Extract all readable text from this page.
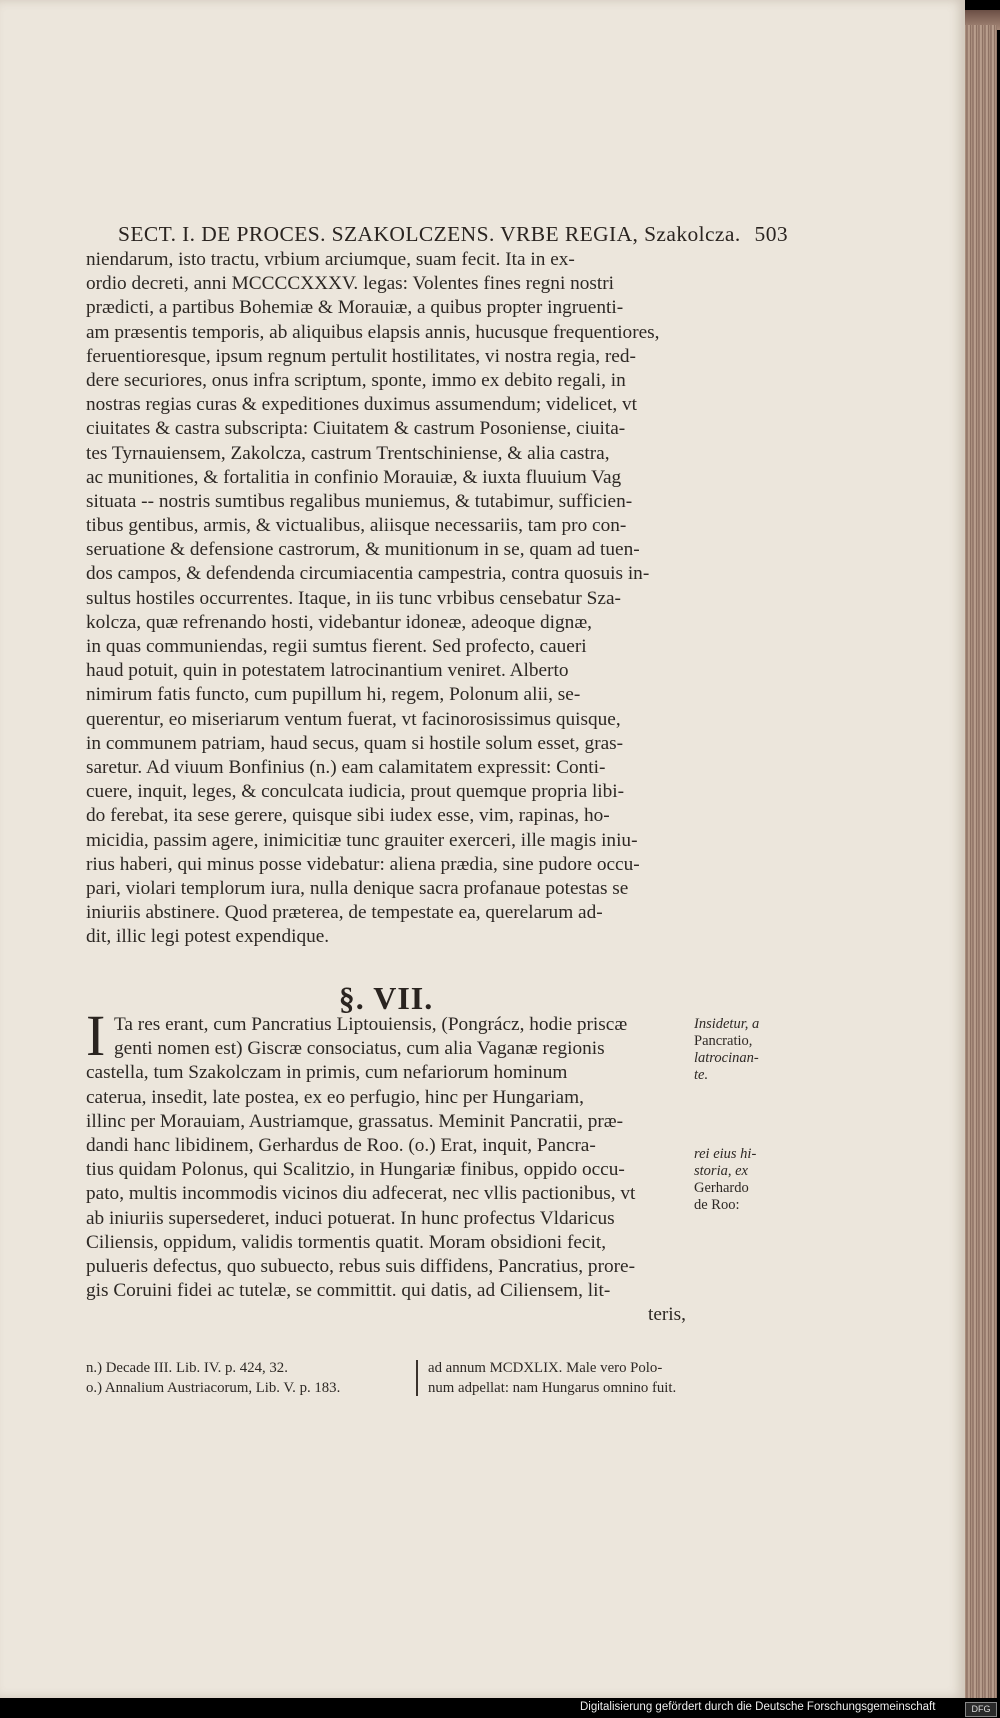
SECT. I. DE PROCES. SZAKOLCZENS. VRBE REGIA, Szakolcza. 503
niendarum, isto tractu, vrbium arciumque, suam fecit. Ita in ex-
ordio decreti, anni MCCCCXXXV. legas: Volentes fines regni nostri
prædicti, a partibus Bohemiæ & Morauiæ, a quibus propter ingruenti-
am præsentis temporis, ab aliquibus elapsis annis, hucusque frequentiores,
feruentioresque, ipsum regnum pertulit hostilitates, vi nostra regia, red-
dere securiores, onus infra scriptum, sponte, immo ex debito regali, in
nostras regias curas & expeditiones duximus assumendum; videlicet, vt
ciuitates & castra subscripta: Ciuitatem & castrum Posoniense, ciuita-
tes Tyrnauiensem, Zakolcza, castrum Trentschiniense, & alia castra,
ac munitiones, & fortalitia in confinio Morauiæ, & iuxta fluuium Vag
situata -- nostris sumtibus regalibus muniemus, & tutabimur, sufficien-
tibus gentibus, armis, & victualibus, aliisque necessariis, tam pro con-
seruatione & defensione castrorum, & munitionum in se, quam ad tuen-
dos campos, & defendenda circumiacentia campestria, contra quosuis in-
sultus hostiles occurrentes. Itaque, in iis tunc vrbibus censebatur Sza-
kolcza, quæ refrenando hosti, videbantur idoneæ, adeoque dignæ,
in quas communiendas, regii sumtus fierent. Sed profecto, caueri
haud potuit, quin in potestatem latrocinantium veniret. Alberto
nimirum fatis functo, cum pupillum hi, regem, Polonum alii, se-
querentur, eo miseriarum ventum fuerat, vt facinorosissimus quisque,
in communem patriam, haud secus, quam si hostile solum esset, gras-
saretur. Ad viuum Bonfinius (n.) eam calamitatem expressit: Conti-
cuere, inquit, leges, & conculcata iudicia, prout quemque propria libi-
do ferebat, ita sese gerere, quisque sibi iudex esse, vim, rapinas, ho-
micidia, passim agere, inimicitiæ tunc grauiter exerceri, ille magis iniu-
rius haberi, qui minus posse videbatur: aliena prædia, sine pudore occu-
pari, violari templorum iura, nulla denique sacra profanaue potestas se
iniuriis abstinere. Quod præterea, de tempestate ea, querelarum ad-
dit, illic legi potest expendique.
§. VII.
I Ta res erant, cum Pancratius Liptouiensis, (Pongrácz, hodie priscæ
genti nomen est) Giscræ consociatus, cum alia Vaganæ regionis
castella, tum Szakolczam in primis, cum nefariorum hominum
caterua, insedit, late postea, ex eo perfugio, hinc per Hungariam,
illinc per Morauiam, Austriamque, grassatus. Meminit Pancratii, præ-
dandi hanc libidinem, Gerhardus de Roo. (o.) Erat, inquit, Pancra-
tius quidam Polonus, qui Scalitzio, in Hungariæ finibus, oppido occu-
pato, multis incommodis vicinos diu adfecerat, nec vllis pactionibus, vt
ab iniuriis supersederet, induci potuerat. In hunc profectus Vldaricus
Ciliensis, oppidum, validis tormentis quatit. Moram obsidioni fecit,
pulueris defectus, quo subuecto, rebus suis diffidens, Pancratius, prore-
gis Coruini fidei ac tutelæ, se committit. qui datis, ad Ciliensem, lit-
teris,
Insidetur, a
Pancratio,
latrocinan-
te.
rei eius hi-
storia, ex
Gerhardo
de Roo:
n.) Decade III. Lib. IV. p. 424, 32.
o.) Annalium Austriacorum, Lib. V. p. 183.
ad annum MCDXLIX. Male vero Polo-
num adpellat: nam Hungarus omnino fuit.
Digitalisierung gefördert durch die Deutsche Forschungsgemeinschaft	DFG
